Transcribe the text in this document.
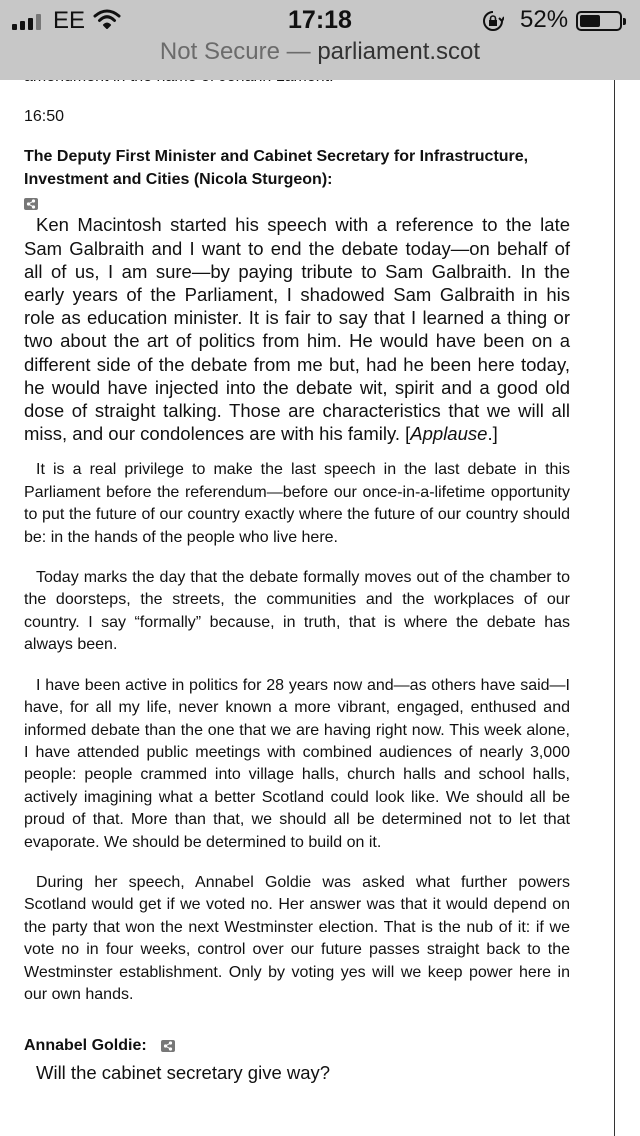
EE	17:18	52%
Not Secure — parliament.scot
16:50
The Deputy First Minister and Cabinet Secretary for Infrastructure, Investment and Cities (Nicola Sturgeon):

Ken Macintosh started his speech with a reference to the late Sam Galbraith and I want to end the debate today—on behalf of all of us, I am sure—by paying tribute to Sam Galbraith. In the early years of the Parliament, I shadowed Sam Galbraith in his role as education minister. It is fair to say that I learned a thing or two about the art of politics from him. He would have been on a different side of the debate from me but, had he been here today, he would have injected into the debate wit, spirit and a good old dose of straight talking. Those are characteristics that we will all miss, and our condolences are with his family. [Applause.]

It is a real privilege to make the last speech in the last debate in this Parliament before the referendum—before our once-in-a-lifetime opportunity to put the future of our country exactly where the future of our country should be: in the hands of the people who live here.

Today marks the day that the debate formally moves out of the chamber to the doorsteps, the streets, the communities and the workplaces of our country. I say “formally” because, in truth, that is where the debate has always been.

I have been active in politics for 28 years now and—as others have said—I have, for all my life, never known a more vibrant, engaged, enthused and informed debate than the one that we are having right now. This week alone, I have attended public meetings with combined audiences of nearly 3,000 people: people crammed into village halls, church halls and school halls, actively imagining what a better Scotland could look like. We should all be proud of that. More than that, we should all be determined not to let that evaporate. We should be determined to build on it.

During her speech, Annabel Goldie was asked what further powers Scotland would get if we voted no. Her answer was that it would depend on the party that won the next Westminster election. That is the nub of it: if we vote no in four weeks, control over our future passes straight back to the Westminster establishment. Only by voting yes will we keep power here in our own hands.

Annabel Goldie:
Will the cabinet secretary give way?
